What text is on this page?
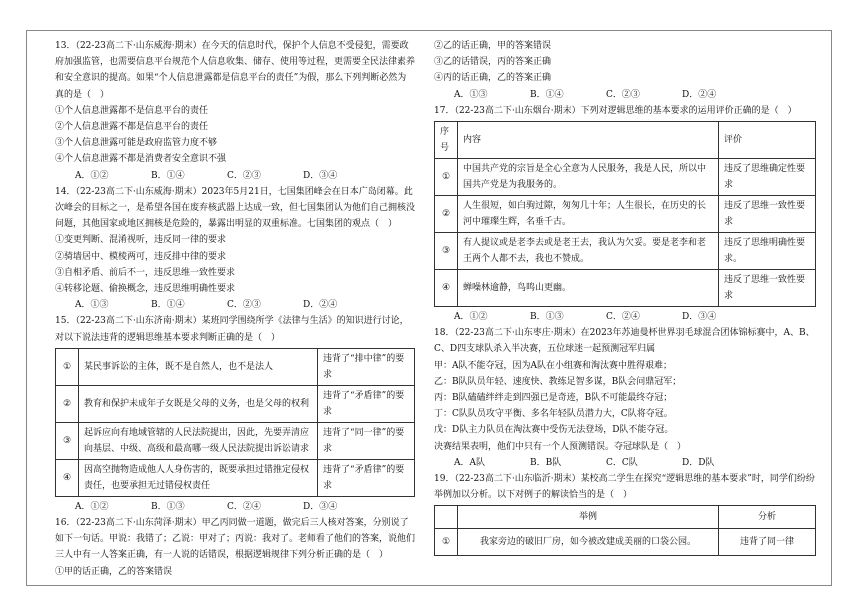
13．（22-23高二下·山东威海·期末）在今天的信息时代，保护个人信息不受侵犯，需要政府加强监管，也需要信息平台规范个人信息收集、储存、使用等过程，更需要全民法律素养和安全意识的提高。如果“个人信息泄露都是信息平台的责任”为假，那么下列判断必然为真的是（　）

①个人信息泄露都不是信息平台的责任

②个人信息泄露不都是信息平台的责任

③个人信息泄露可能是政府监管力度不够

④个人信息泄露不都是消费者安全意识不强

A．①②	B．①④	C．②③	D．③④

14．（22-23高二下·山东威海·期末）2023年5月21日，七国集团峰会在日本广岛闭幕。此次峰会的目标之一，是希望各国在废弃核武器上达成一致，但七国集团认为他们自己拥核没问题，其他国家或地区拥核是危险的，暴露出明显的双重标准。七国集团的观点（　）

①变更判断、混淆视听，违反同一律的要求

②骑墙居中、模棱两可，违反排中律的要求

③自相矛盾、前后不一，违反思维一致性要求

④转移论题、偷换概念，违反思维明确性要求

A．①③	B．①④	C．②③	D．②④

15．（22-23高二下·山东济南·期末）某班同学围绕所学《法律与生活》的知识进行讨论，对以下说法违背的逻辑思维基本要求判断正确的是（　）

①	某民事诉讼的主体，既不是自然人，也不是法人	违背了“排中律”的要求
②	教育和保护未成年子女既是父母的义务，也是父母的权利	违背了“矛盾律”的要求
③	起诉应向有地域管辖的人民法院提出，因此，先要弄清应向基层、中级、高级和最高哪一级人民法院提出诉讼请求	违背了“同一律”的要求
④	因高空抛物造成他人人身伤害的，既要承担过错推定侵权责任，也要承担无过错侵权责任	违背了“矛盾律”的要求
A．①②	B．①③	C．②④	D．③④

16．（22-23高二下·山东菏泽·期末）甲乙丙同做一道题，做完后三人核对答案，分别说了如下一句话。甲说：我错了；乙说：甲对了；丙说：我对了。老师看了他们的答案，说他们三人中有一人答案正确，有一人说的话错误，根据逻辑规律下列分析正确的是（　）

①甲的话正确，乙的答案错误

②乙的话正确，甲的答案错误

③乙的话错误，丙的答案正确

④丙的话正确，乙的答案正确

A．①③	B．①④	C．②③	D．②④

17．（22-23高二下·山东烟台·期末）下列对逻辑思维的基本要求的运用评价正确的是（　）

序号	内容	评价
①	中国共产党的宗旨是全心全意为人民服务，我是人民，所以中国共产党是为我服务的。	违反了思维确定性要求
②	人生很短，如白驹过隙，匆匆几十年；人生很长，在历史的长河中璀璨生辉，名垂千古。	违反了思维一致性要求
③	有人提议或是老李去或是老王去，我认为欠妥。要是老李和老王两个人都不去，我也不赞成。	违反了思维明确性要求。
④	蝉噪林逾静，鸟鸣山更幽。	违反了思维一致性要求
A．①②	B．①③	C．②④	D．③④

18．（22-23高二下·山东枣庄·期末）在2023年苏迪曼杯世界羽毛球混合团体锦标赛中，A、B、C、D四支球队杀入半决赛，五位球迷一起预测冠军归属

甲：A队不能夺冠，因为A队在小组赛和淘汰赛中胜得艰难；

乙：B队队员年轻、速度快、教练足智多谋，B队会问鼎冠军；

丙：B队磕磕绊绊走到四强已是奇迹，B队不可能最终夺冠；

丁：C队队员攻守平衡、多名年轻队员潜力大，C队将夺冠。

戊：D队主力队员在淘汰赛中受伤无法登场，D队不能夺冠。

决赛结果表明，他们中只有一个人预测错误。夺冠球队是（　）

A．A队	B．B队	C．C队	D．D队

19．（22-23高二下·山东临沂·期末）某校高二学生在探究“逻辑思维的基本要求”时，同学们纷纷举例加以分析。以下对例子的解读恰当的是（　）

	举例	分析
①	我家旁边的破旧厂房，如今被改建成美丽的口袋公园。	违背了同一律
